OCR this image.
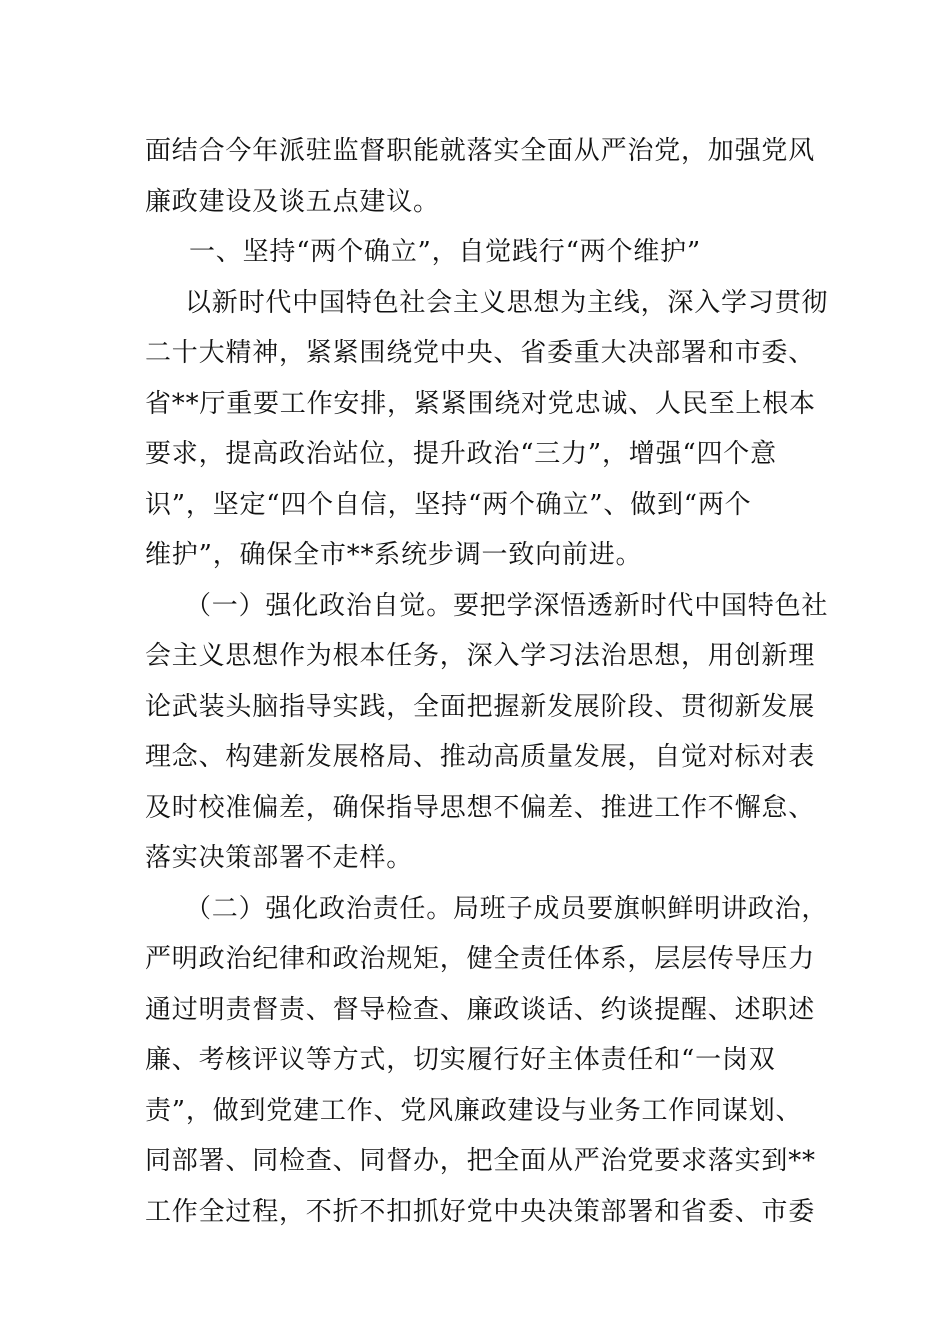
面结合今年派驻监督职能就落实全面从严治党，加强党风
廉政建设及谈五点建议。
一、坚持“两个确立”，自觉践行“两个维护”
以新时代中国特色社会主义思想为主线，深入学习贯彻
二十大精神，紧紧围绕党中央、省委重大决部署和市委、
省**厅重要工作安排，紧紧围绕对党忠诚、人民至上根本
要求，提高政治站位，提升政治“三力”，增强“四个意
识”，坚定“四个自信，坚持“两个确立”、做到“两个
维护”，确保全市**系统步调一致向前进。
（一）强化政治自觉。要把学深悟透新时代中国特色社
会主义思想作为根本任务，深入学习法治思想，用创新理
论武装头脑指导实践，全面把握新发展阶段、贯彻新发展
理念、构建新发展格局、推动高质量发展，自觉对标对表
及时校准偏差，确保指导思想不偏差、推进工作不懈怠、
落实决策部署不走样。
（二）强化政治责任。局班子成员要旗帜鲜明讲政治，
严明政治纪律和政治规矩，健全责任体系，层层传导压力
通过明责督责、督导检查、廉政谈话、约谈提醒、述职述
廉、考核评议等方式，切实履行好主体责任和“一岗双
责”，做到党建工作、党风廉政建设与业务工作同谋划、
同部署、同检查、同督办，把全面从严治党要求落实到**
工作全过程，不折不扣抓好党中央决策部署和省委、市委
